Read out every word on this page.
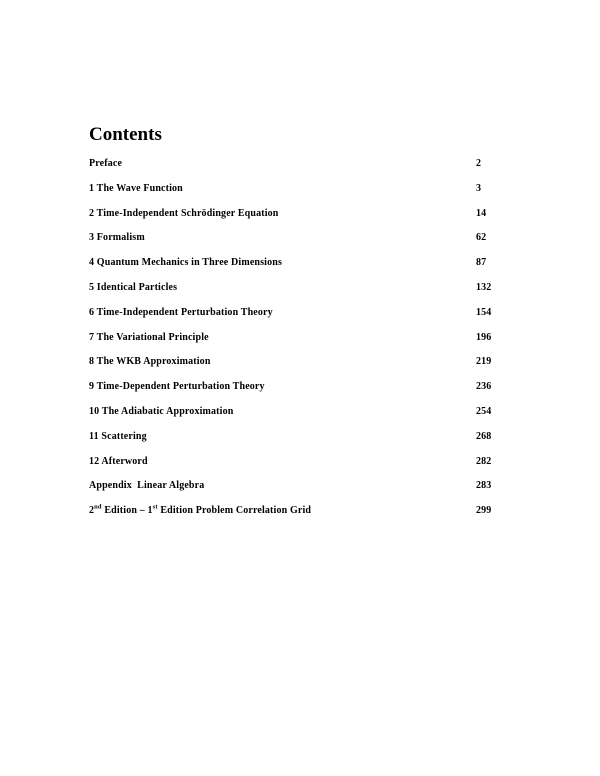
Contents
Preface	2
1 The Wave Function	3
2 Time-Independent Schrödinger Equation	14
3 Formalism	62
4 Quantum Mechanics in Three Dimensions	87
5 Identical Particles	132
6 Time-Independent Perturbation Theory	154
7 The Variational Principle	196
8 The WKB Approximation	219
9 Time-Dependent Perturbation Theory	236
10 The Adiabatic Approximation	254
11 Scattering	268
12 Afterword	282
Appendix  Linear Algebra	283
2nd Edition – 1st Edition Problem Correlation Grid	299
